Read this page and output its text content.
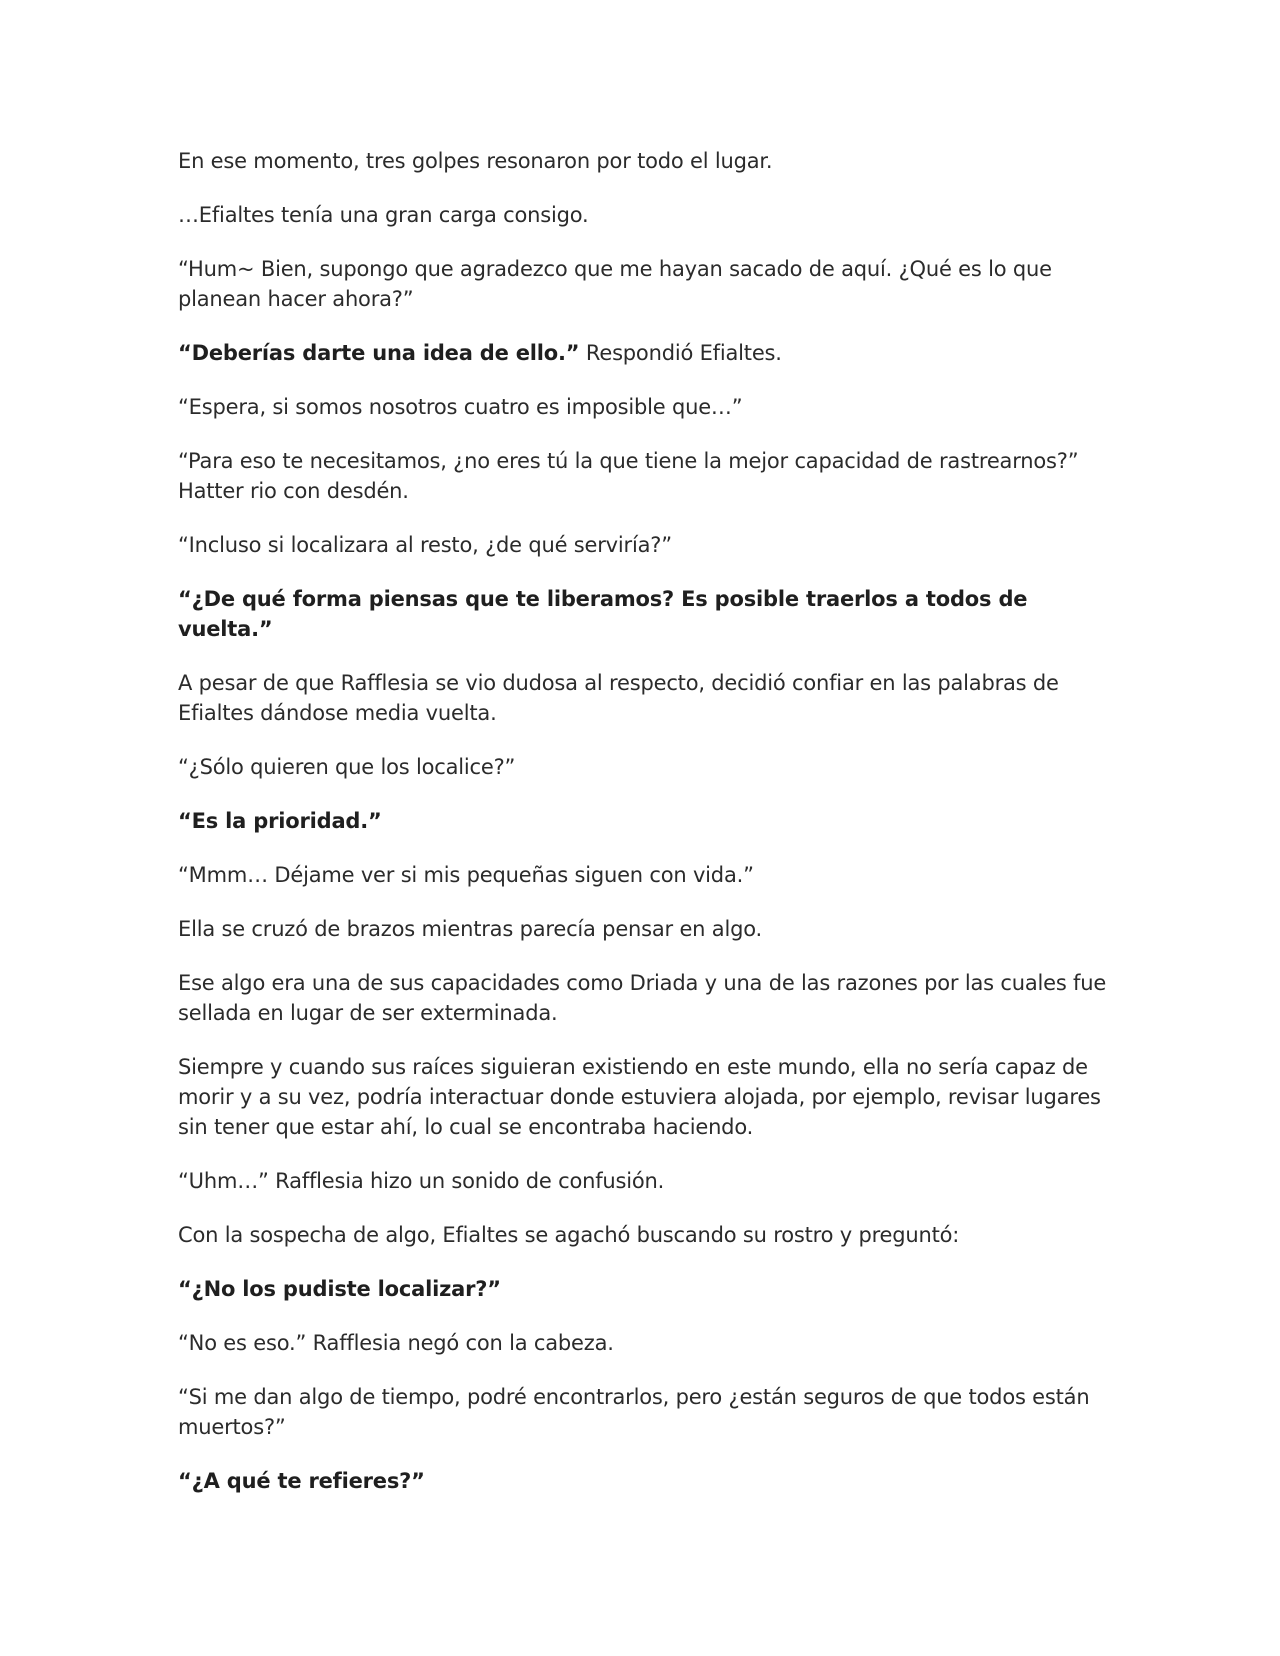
En ese momento, tres golpes resonaron por todo el lugar.

…Efialtes tenía una gran carga consigo.

“Hum~ Bien, supongo que agradezco que me hayan sacado de aquí. ¿Qué es lo que planean hacer ahora?”

“Deberías darte una idea de ello.” Respondió Efialtes.

“Espera, si somos nosotros cuatro es imposible que…”

“Para eso te necesitamos, ¿no eres tú la que tiene la mejor capacidad de rastrearnos?” Hatter rio con desdén.

“Incluso si localizara al resto, ¿de qué serviría?”

“¿De qué forma piensas que te liberamos? Es posible traerlos a todos de vuelta.”

A pesar de que Rafflesia se vio dudosa al respecto, decidió confiar en las palabras de Efialtes dándose media vuelta.

“¿Sólo quieren que los localice?”

“Es la prioridad.”

“Mmm… Déjame ver si mis pequeñas siguen con vida.”

Ella se cruzó de brazos mientras parecía pensar en algo.

Ese algo era una de sus capacidades como Driada y una de las razones por las cuales fue sellada en lugar de ser exterminada.

Siempre y cuando sus raíces siguieran existiendo en este mundo, ella no sería capaz de morir y a su vez, podría interactuar donde estuviera alojada, por ejemplo, revisar lugares sin tener que estar ahí, lo cual se encontraba haciendo.

“Uhm…” Rafflesia hizo un sonido de confusión.

Con la sospecha de algo, Efialtes se agachó buscando su rostro y preguntó:

“¿No los pudiste localizar?”

“No es eso.” Rafflesia negó con la cabeza.

“Si me dan algo de tiempo, podré encontrarlos, pero ¿están seguros de que todos están muertos?”

“¿A qué te refieres?”
